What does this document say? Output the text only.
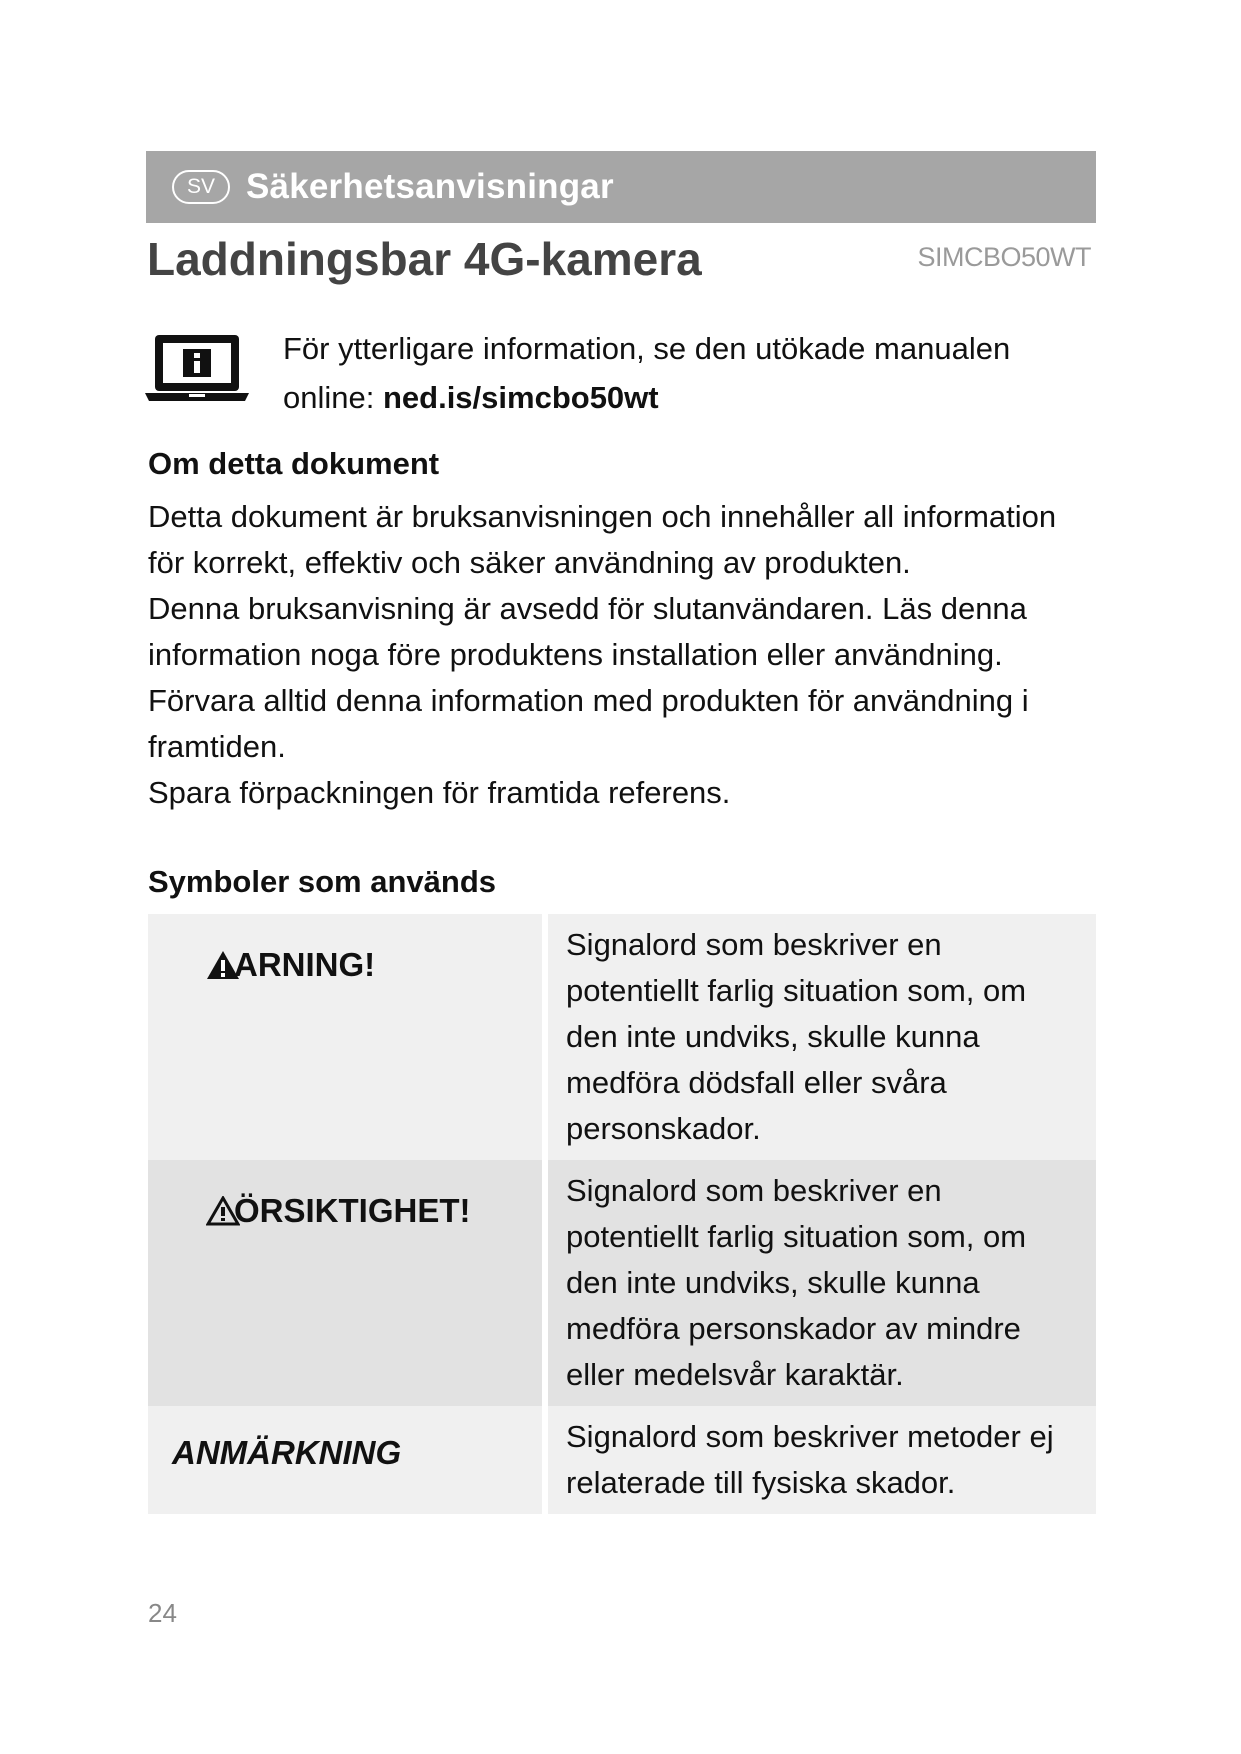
SV Säkerhetsanvisningar
Laddningsbar 4G-kamera	SIMCBO50WT
För ytterligare information, se den utökade manualen
online: ned.is/simcbo50wt
Om detta dokument

Detta dokument är bruksanvisningen och innehåller all information för korrekt, effektiv och säker användning av produkten.

Denna bruksanvisning är avsedd för slutanvändaren. Läs denna information noga före produktens installation eller användning.

Förvara alltid denna information med produkten för användning i framtiden.

Spara förpackningen för framtida referens.

Symboler som används
ARNING!	Signalord som beskriver en potentiellt farlig situation som, om den inte undviks, skulle kunna medföra dödsfall eller svåra personskador.

ÖRSIKTIGHET!	Signalord som beskriver en potentiellt farlig situation som, om den inte undviks, skulle kunna medföra personskador av mindre eller medelsvår karaktär.

ANMÄRKNING	Signalord som beskriver metoder ej relaterade till fysiska skador.
24
